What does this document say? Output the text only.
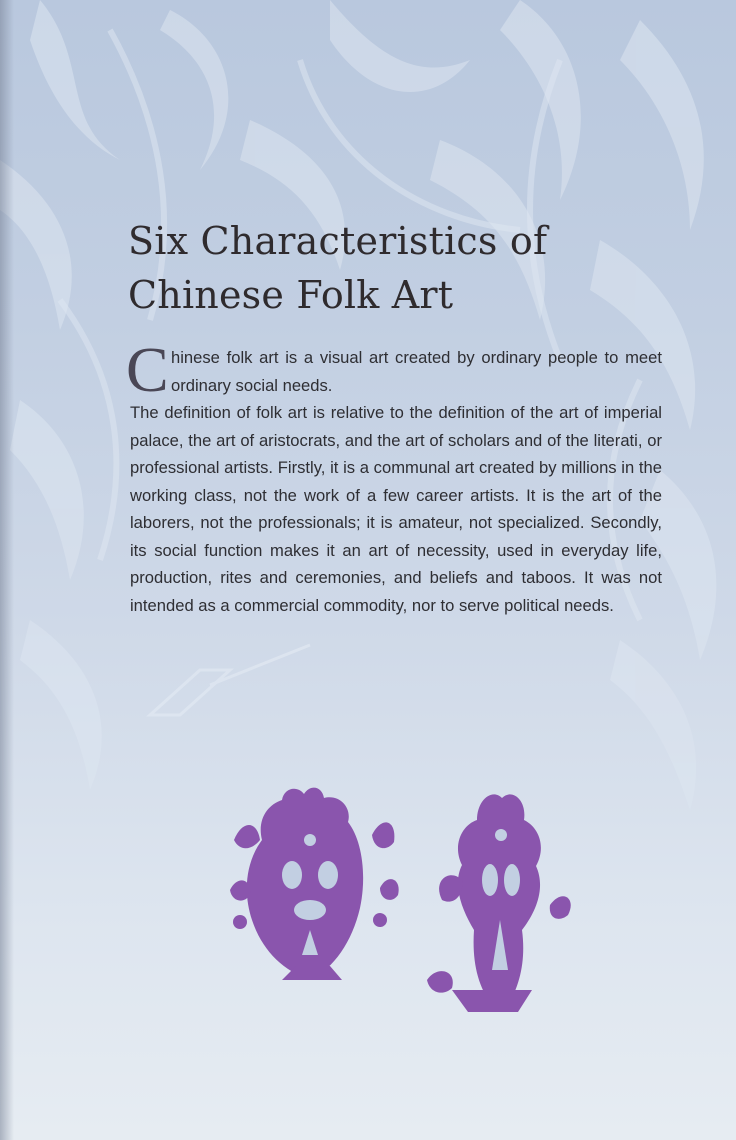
Six Characteristics of
Chinese Folk Art

C hinese folk art is a visual art created by ordinary people to meet ordinary social needs.

The definition of folk art is relative to the definition of the art of imperial palace, the art of aristocrats, and the art of scholars and of the literati, or professional artists. Firstly, it is a communal art created by millions in the working class, not the work of a few career artists. It is the art of the laborers, not the professionals; it is amateur, not specialized. Secondly, its social function makes it an art of necessity, used in everyday life, production, rites and ceremonies, and beliefs and taboos. It was not intended as a commercial commodity, nor to serve political needs.
